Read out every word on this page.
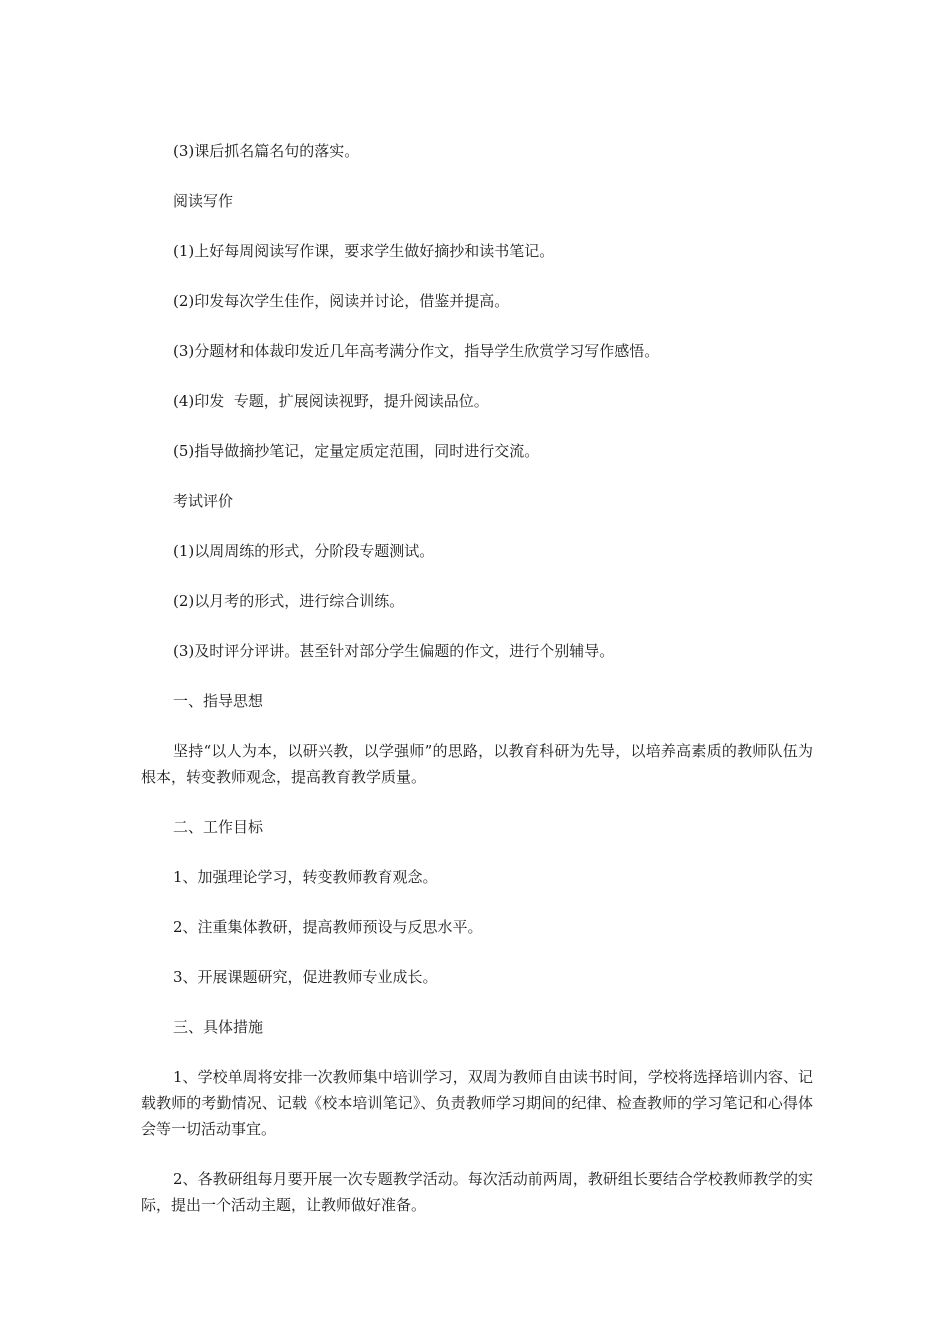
(3)课后抓名篇名句的落实。

阅读写作

(1)上好每周阅读写作课，要求学生做好摘抄和读书笔记。

(2)印发每次学生佳作，阅读并讨论，借鉴并提高。

(3)分题材和体裁印发近几年高考满分作文，指导学生欣赏学习写作感悟。

(4)印发  专题，扩展阅读视野，提升阅读品位。

(5)指导做摘抄笔记，定量定质定范围，同时进行交流。

考试评价

(1)以周周练的形式，分阶段专题测试。

(2)以月考的形式，进行综合训练。

(3)及时评分评讲。甚至针对部分学生偏题的作文，进行个别辅导。

一、指导思想

坚持“以人为本，以研兴教，以学强师”的思路，以教育科研为先导，以培养高素质的教师队伍为根本，转变教师观念，提高教育教学质量。

二、工作目标

1、加强理论学习，转变教师教育观念。

2、注重集体教研，提高教师预设与反思水平。

3、开展课题研究，促进教师专业成长。

三、具体措施

1、学校单周将安排一次教师集中培训学习，双周为教师自由读书时间，学校将选择培训内容、记载教师的考勤情况、记载《校本培训笔记》、负责教师学习期间的纪律、检查教师的学习笔记和心得体会等一切活动事宜。

2、各教研组每月要开展一次专题教学活动。每次活动前两周，教研组长要结合学校教师教学的实际，提出一个活动主题，让教师做好准备。
